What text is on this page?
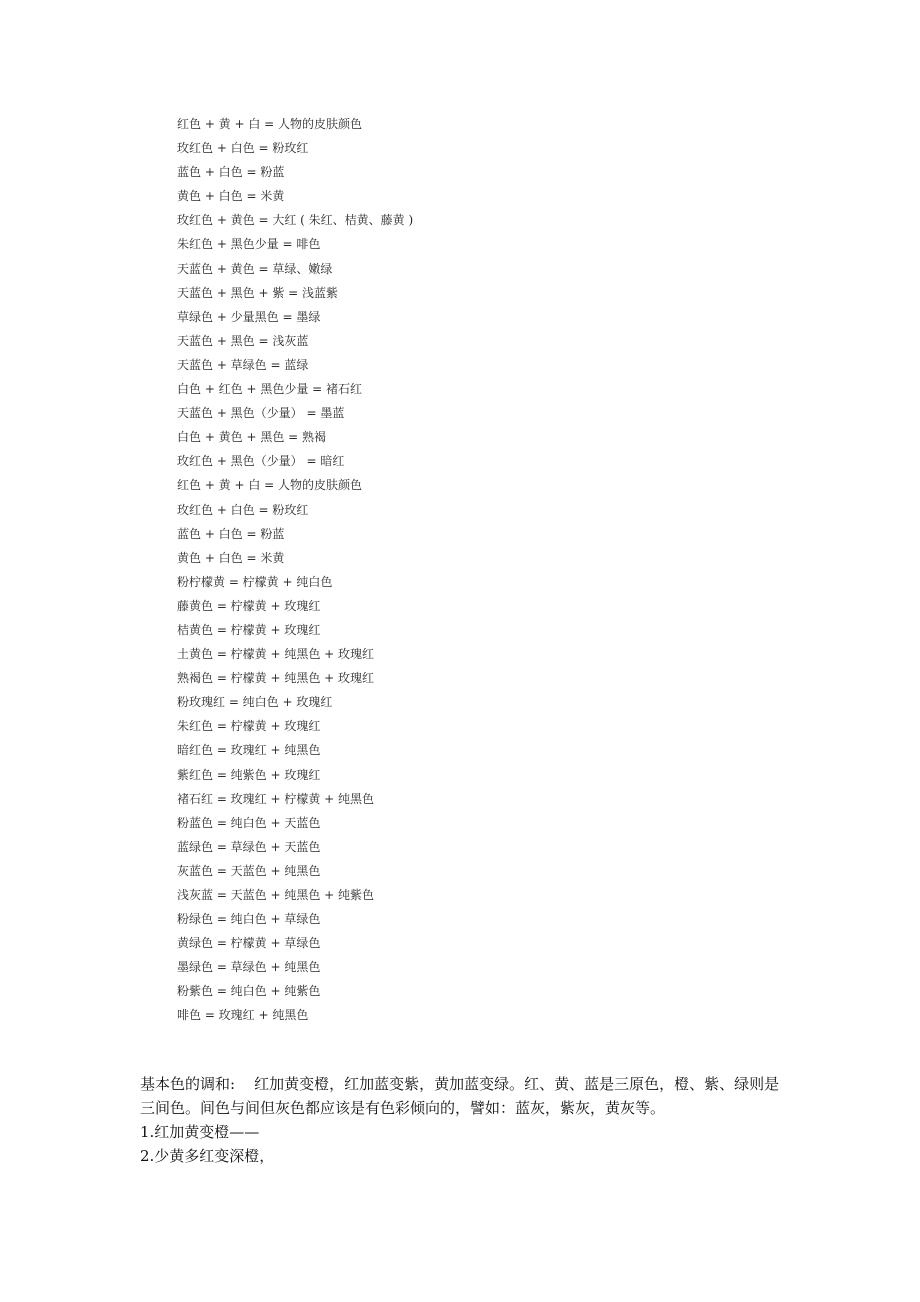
红色 + 黄 + 白 = 人物的皮肤颜色
玫红色 + 白色 = 粉玫红
蓝色 + 白色 = 粉蓝
黄色 + 白色 = 米黄
玫红色 + 黄色 = 大红 ( 朱红、桔黄、藤黄 )
朱红色 + 黑色少量 = 啡色
天蓝色 + 黄色 = 草绿、嫩绿
天蓝色 + 黑色 + 紫 = 浅蓝紫
草绿色 + 少量黑色 = 墨绿
天蓝色 + 黑色 = 浅灰蓝
天蓝色 + 草绿色 = 蓝绿
白色 + 红色 + 黑色少量 = 褚石红
天蓝色 + 黑色（少量） = 墨蓝
白色 + 黄色 + 黑色 = 熟褐
玫红色 + 黑色（少量） = 暗红
红色 + 黄 + 白 = 人物的皮肤颜色
玫红色 + 白色 = 粉玫红
蓝色 + 白色 = 粉蓝
黄色 + 白色 = 米黄
粉柠檬黄 = 柠檬黄 + 纯白色
藤黄色 = 柠檬黄 + 玫瑰红
桔黄色 = 柠檬黄 + 玫瑰红
土黄色 = 柠檬黄 + 纯黑色 + 玫瑰红
熟褐色 = 柠檬黄 + 纯黑色 + 玫瑰红
粉玫瑰红 = 纯白色 + 玫瑰红
朱红色 = 柠檬黄 + 玫瑰红
暗红色 = 玫瑰红 + 纯黑色
紫红色 = 纯紫色 + 玫瑰红
褚石红 = 玫瑰红 + 柠檬黄 + 纯黑色
粉蓝色 = 纯白色 + 天蓝色
蓝绿色 = 草绿色 + 天蓝色
灰蓝色 = 天蓝色 + 纯黑色
浅灰蓝 = 天蓝色 + 纯黑色 + 纯紫色
粉绿色 = 纯白色 + 草绿色
黄绿色 = 柠檬黄 + 草绿色
墨绿色 = 草绿色 + 纯黑色
粉紫色 = 纯白色 + 纯紫色
啡色 = 玫瑰红 + 纯黑色

基本色的调和:    红加黄变橙，红加蓝变紫，黄加蓝变绿。红、黄、蓝是三原色，橙、紫、绿则是三间色。间色与间但灰色都应该是有色彩倾向的，譬如：蓝灰，紫灰，黄灰等。

1.红加黄变橙——

2.少黄多红变深橙，
